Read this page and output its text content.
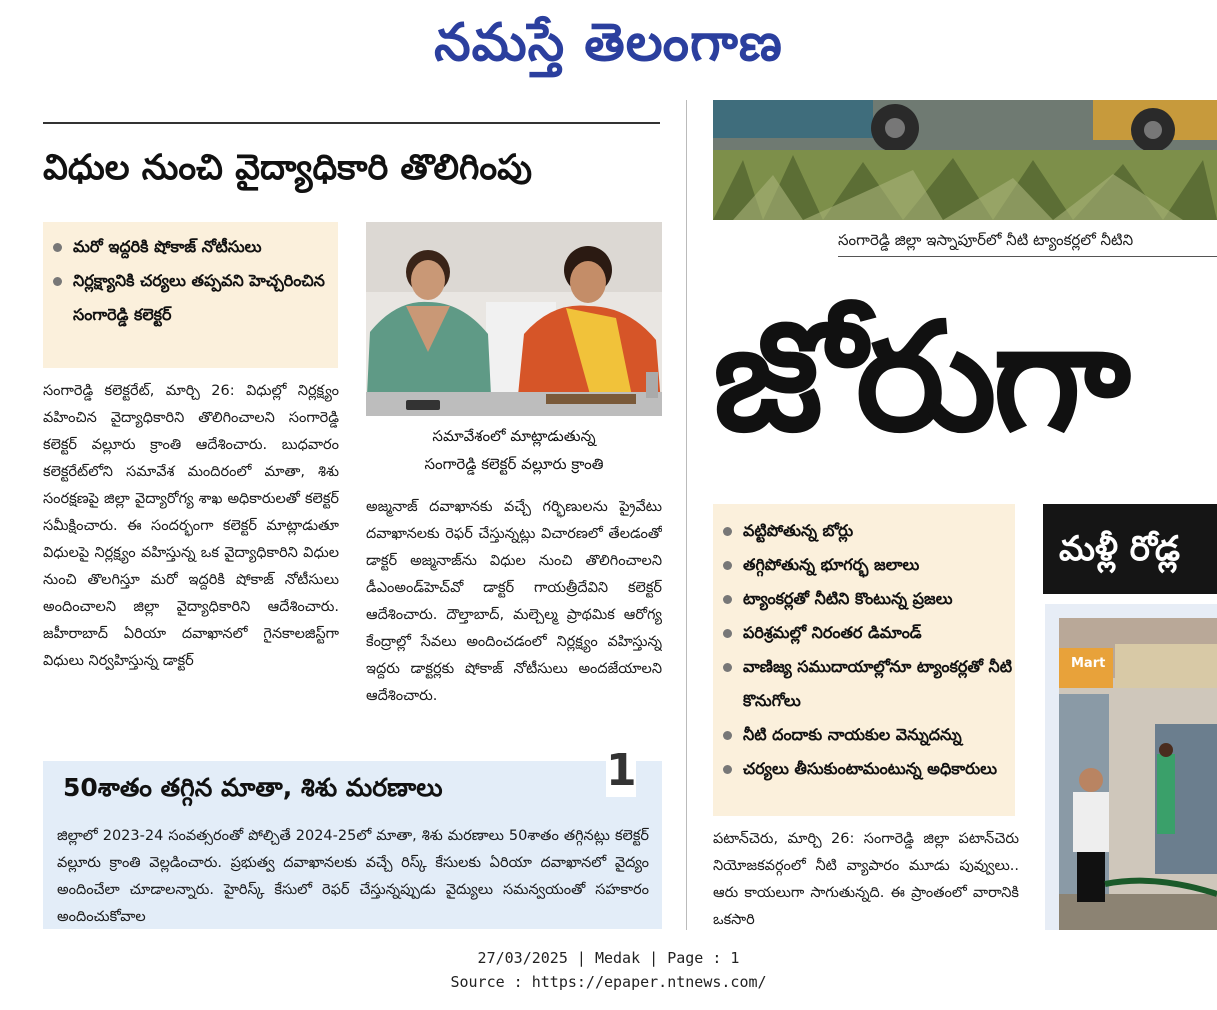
నమస్తే తెలంగాణ
విధుల నుంచి వైద్యాధికారి తొలిగింపు
మరో ఇద్దరికి షోకాజ్ నోటీసులు
నిర్లక్ష్యానికి చర్యలు తప్పవని హెచ్చరించిన సంగారెడ్డి కలెక్టర్
సమావేశంలో మాట్లాడుతున్న
సంగారెడ్డి కలెక్టర్ వల్లూరు క్రాంతి

సంగారెడ్డి కలెక్టరేట్, మార్చి 26: విధుల్లో నిర్లక్ష్యం వహించిన వైద్యాధికారిని తొలిగించాలని సంగారెడ్డి కలెక్టర్ వల్లూరు క్రాంతి ఆదేశించారు. బుధవారం కలెక్టరేట్‌లోని సమావేశ మందిరంలో మాతా, శిశు సంరక్షణపై జిల్లా వైద్యారోగ్య శాఖ అధికారులతో కలెక్టర్ సమీక్షించారు. ఈ సందర్భంగా కలెక్టర్ మాట్లాడుతూ విధులపై నిర్లక్ష్యం వహిస్తున్న ఒక వైద్యాధికారిని విధుల నుంచి తొలగిస్తూ మరో ఇద్దరికి షోకాజ్ నోటీసులు అందించాలని జిల్లా వైద్యాధికారిని ఆదేశించారు. జహీరాబాద్ ఏరియా దవాఖానలో గైనకాలజిస్ట్‌గా విధులు నిర్వహిస్తున్న డాక్టర్

అజ్మనాజ్ దవాఖానకు వచ్చే గర్భిణులను ప్రైవేటు దవాఖానలకు రెఫర్ చేస్తున్నట్లు విచారణలో తేలడంతో డాక్టర్ అజ్మనాజ్‌ను విధుల నుంచి తొలిగించాలని డీఎంఅండ్‌హెచ్‌వో డాక్టర్ గాయత్రీదేవిని కలెక్టర్ ఆదేశించారు. దౌల్తాబాద్, మల్చెల్మ ప్రాథమిక ఆరోగ్య కేంద్రాల్లో సేవలు అందించడంలో నిర్లక్ష్యం వహిస్తున్న ఇద్దరు డాక్టర్లకు షోకాజ్ నోటీసులు అందజేయాలని ఆదేశించారు.

50శాతం తగ్గిన మాతా, శిశు మరణాలు

జిల్లాలో 2023-24 సంవత్సరంతో పోల్చితే 2024-25లో మాతా, శిశు మరణాలు 50శాతం తగ్గినట్లు కలెక్టర్ వల్లూరు క్రాంతి వెల్లడించారు. ప్రభుత్వ దవాఖానలకు వచ్చే రిస్క్ కేసులకు ఏరియా దవాఖానలో వైద్యం అందించేలా చూడాలన్నారు. హైరిస్క్ కేసులో రెఫర్ చేస్తున్నప్పుడు వైద్యులు సమన్వయంతో సహకారం అందించుకోవాల

1
సంగారెడ్డి జిల్లా ఇస్నాపూర్‌లో నీటి ట్యాంకర్లలో నీటిని
జోరుగా
మళ్లీ రోడ్ల
వట్టిపోతున్న బోర్లు
తగ్గిపోతున్న భూగర్భ జలాలు
ట్యాంకర్లతో నీటిని కొంటున్న ప్రజలు
పరిశ్రమల్లో నిరంతర డిమాండ్
వాణిజ్య సముదాయాల్లోనూ ట్యాంకర్లతో నీటి కొనుగోలు
నీటి దందాకు నాయకుల వెన్నుదన్ను
చర్యలు తీసుకుంటామంటున్న అధికారులు

పటాన్‌చెరు, మార్చి 26: సంగారెడ్డి జిల్లా పటాన్‌చెరు నియోజకవర్గంలో నీటి వ్యాపారం మూడు పువ్వులు.. ఆరు కాయలుగా సాగుతున్నది. ఈ ప్రాంతంలో వారానికి ఒకసారి

Mart
27/03/2025 | Medak | Page : 1
Source : https://epaper.ntnews.com/
